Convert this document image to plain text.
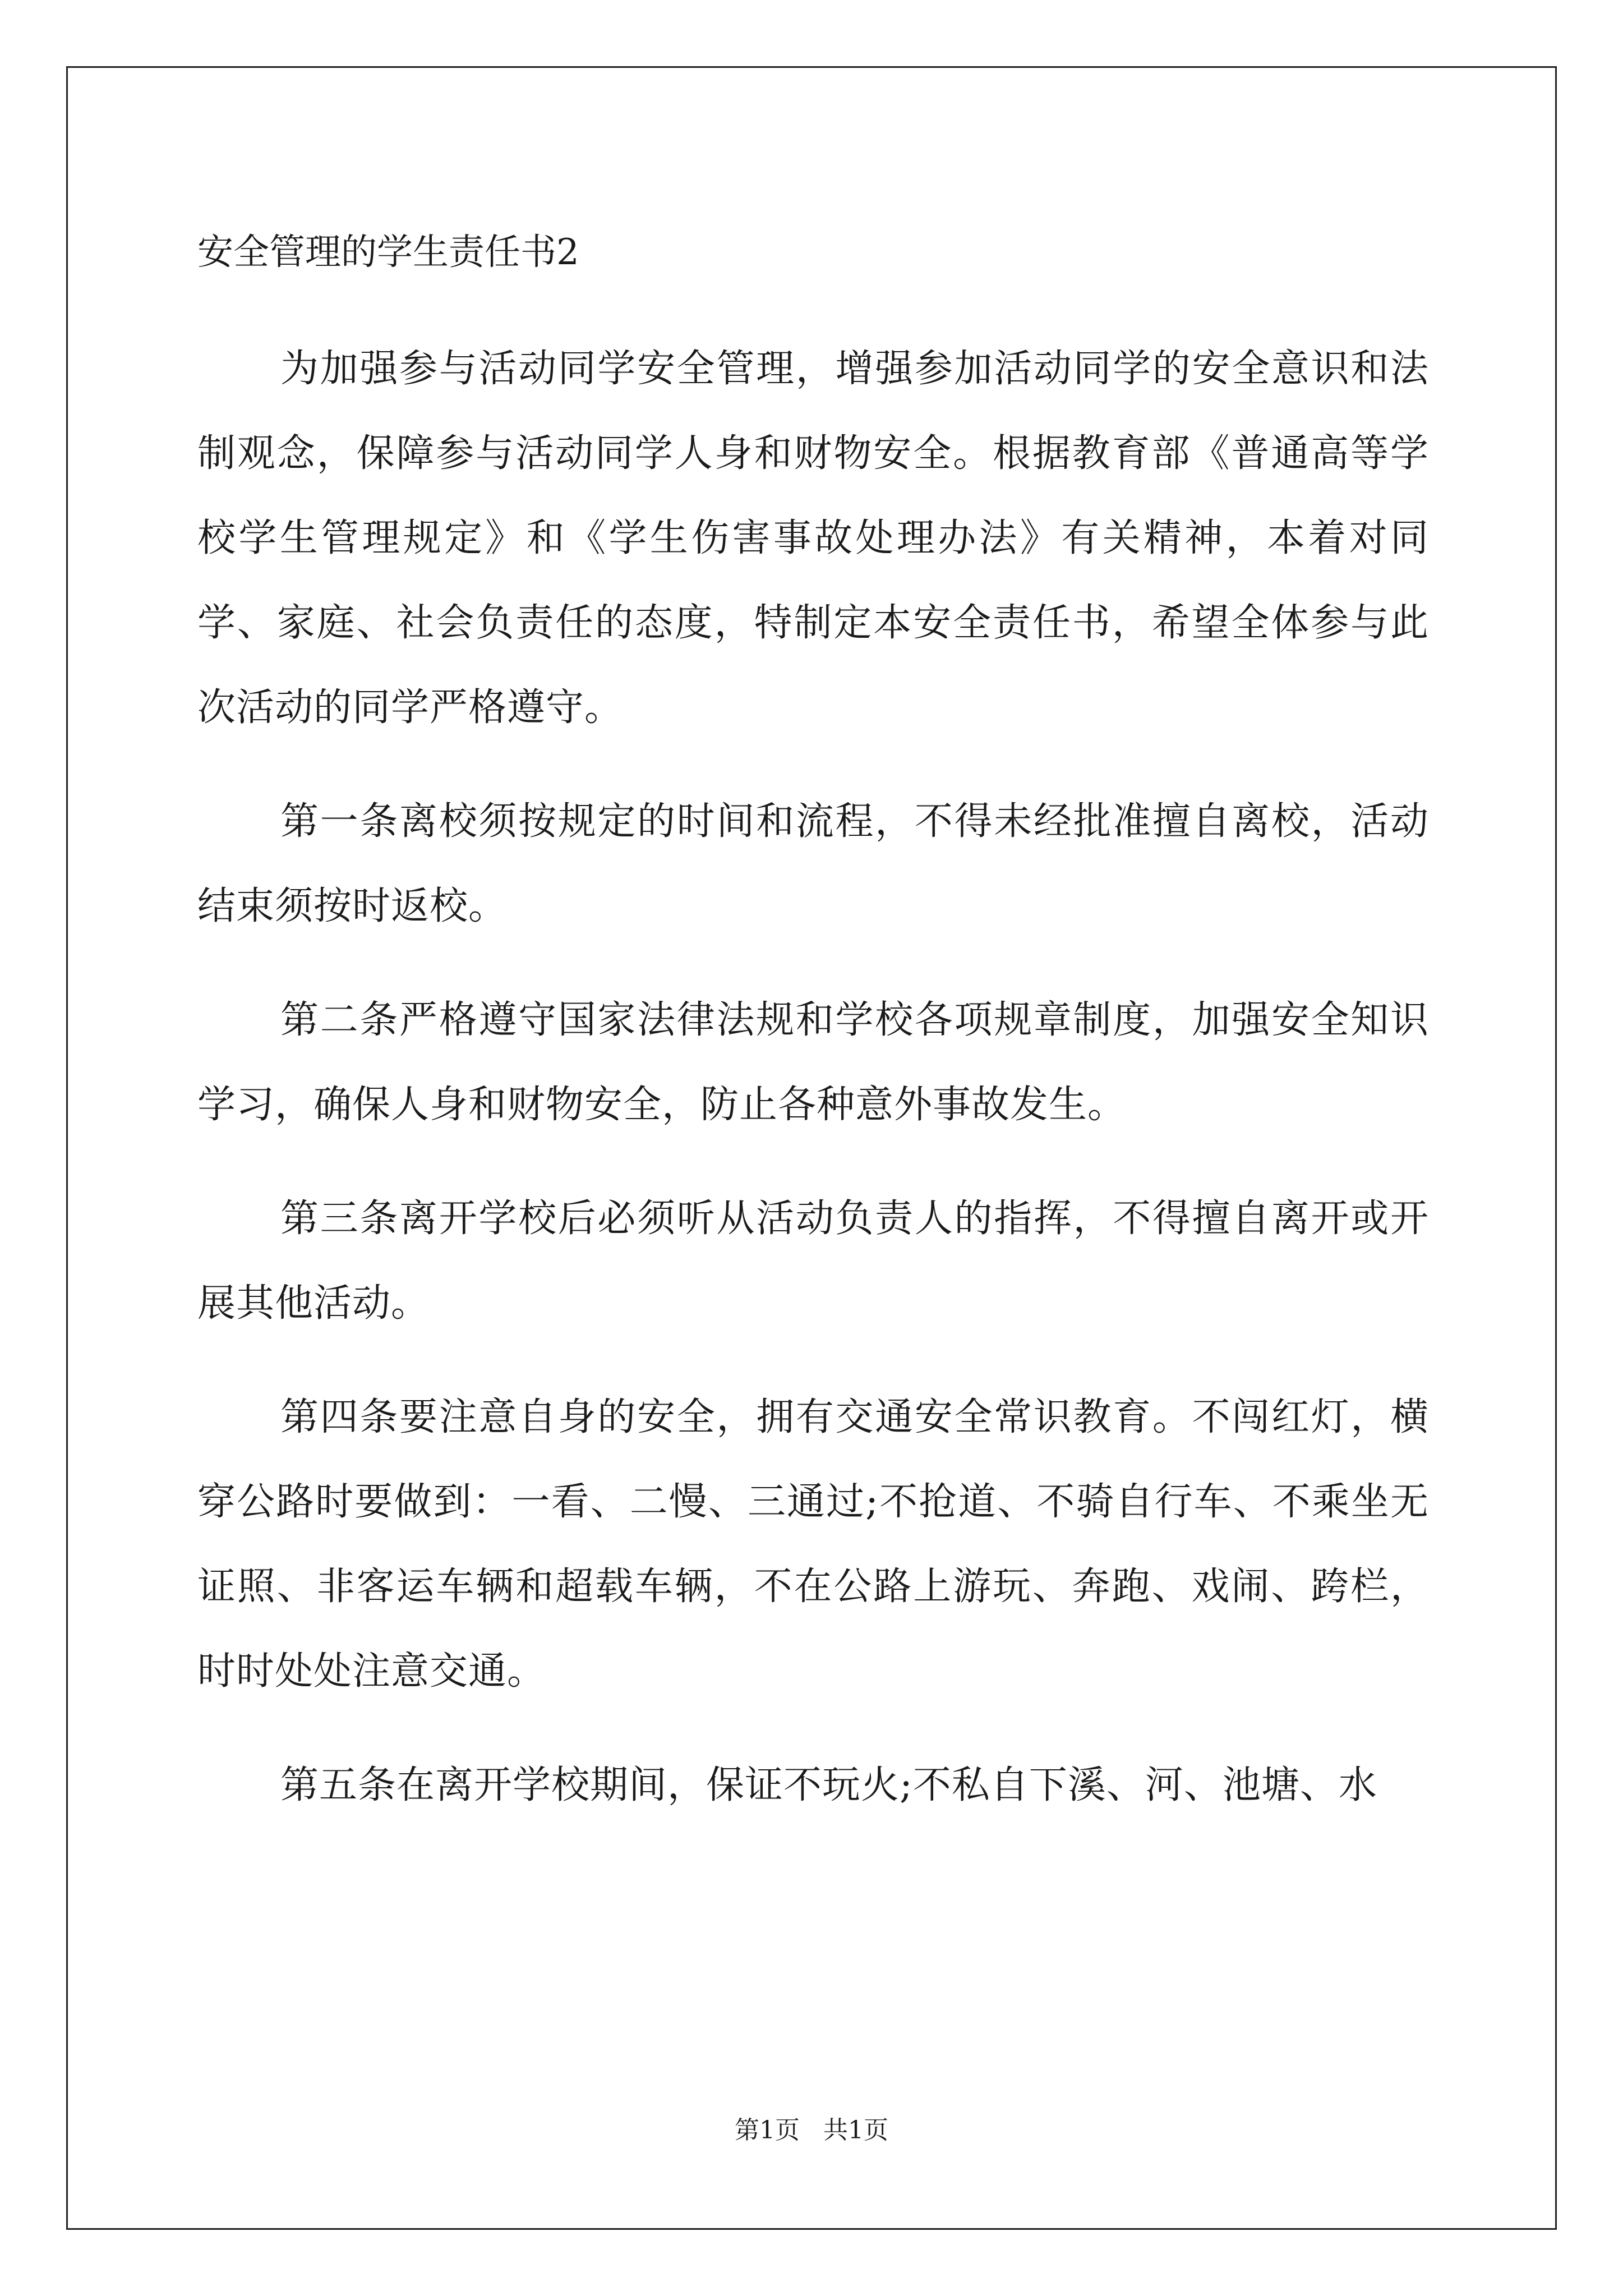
安全管理的学生责任书2

为加强参与活动同学安全管理，增强参加活动同学的安全意识和法制观念，保障参与活动同学人身和财物安全。根据教育部《普通高等学校学生管理规定》和《学生伤害事故处理办法》有关精神，本着对同学、家庭、社会负责任的态度，特制定本安全责任书，希望全体参与此次活动的同学严格遵守。

第一条离校须按规定的时间和流程，不得未经批准擅自离校，活动结束须按时返校。

第二条严格遵守国家法律法规和学校各项规章制度，加强安全知识学习，确保人身和财物安全，防止各种意外事故发生。

第三条离开学校后必须听从活动负责人的指挥，不得擅自离开或开展其他活动。

第四条要注意自身的安全，拥有交通安全常识教育。不闯红灯，横穿公路时要做到：一看、二慢、三通过;不抢道、不骑自行车、不乘坐无证照、非客运车辆和超载车辆，不在公路上游玩、奔跑、戏闹、跨栏，时时处处注意交通。

第五条在离开学校期间，保证不玩火;不私自下溪、河、池塘、水

第1页   共1页
